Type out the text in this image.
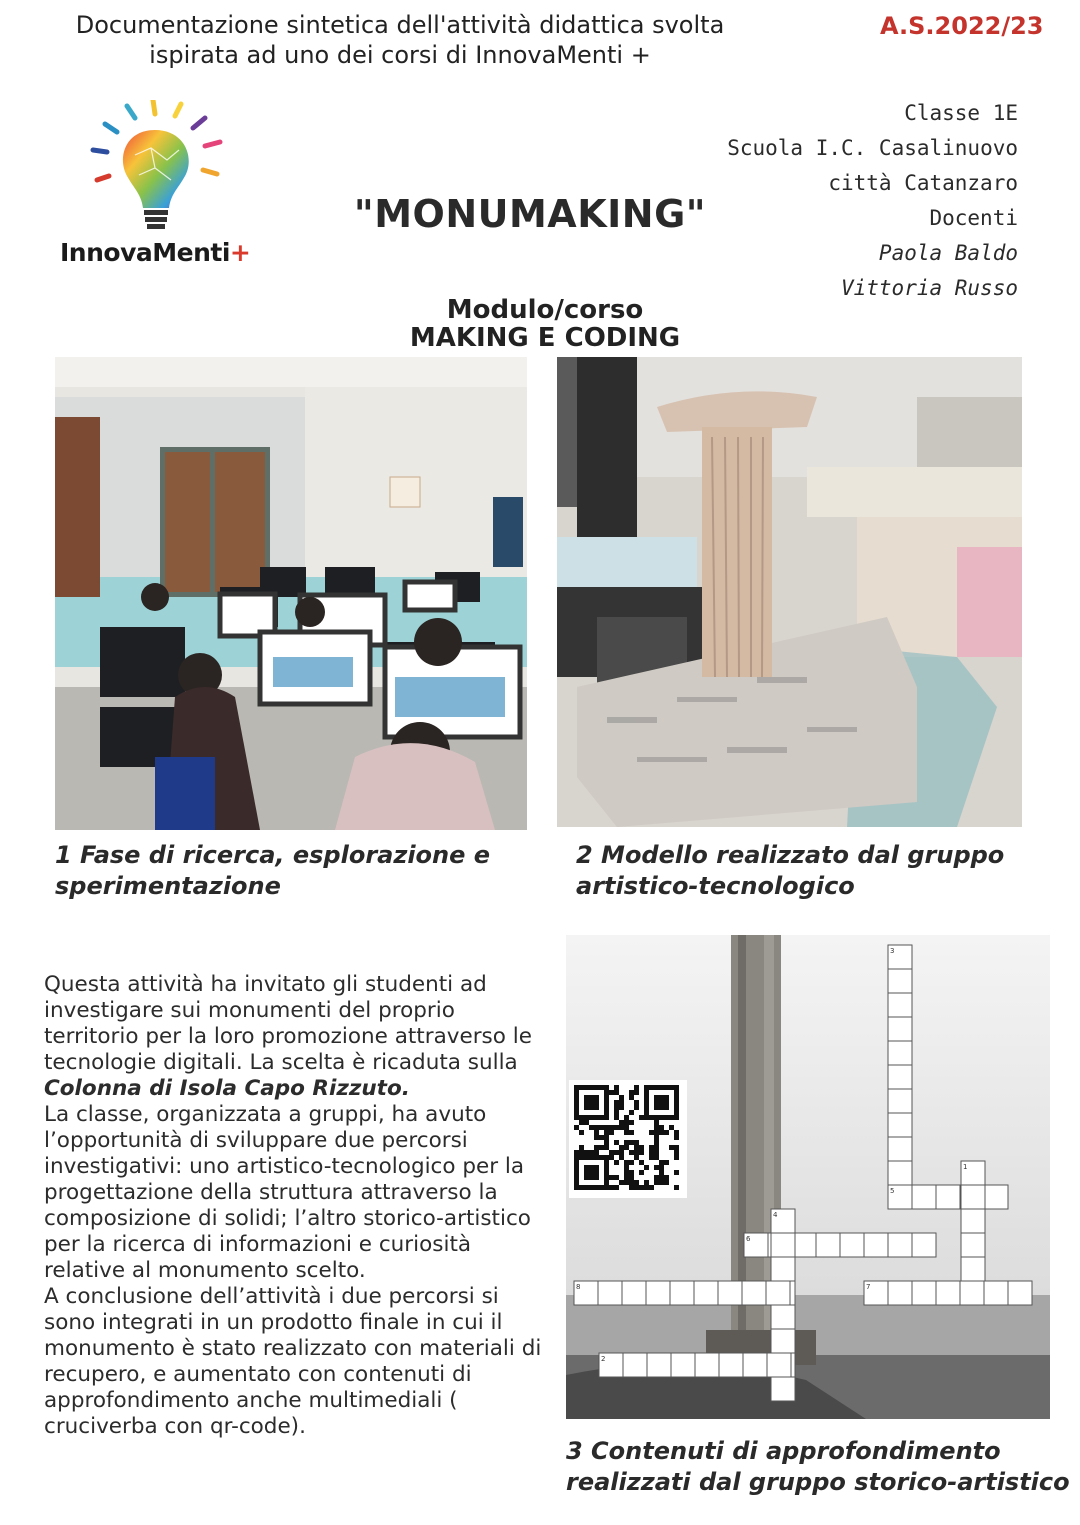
Documentazione sintetica dell'attività didattica svolta
ispirata ad uno dei corsi di InnovaMenti +
A.S.2022/23
InnovaMenti+
"MONUMAKING"
Classe 1E
Scuola I.C. Casalinuovo
città Catanzaro
Docenti
Paola Baldo
Vittoria Russo
Modulo/corso
MAKING E CODING
1 Fase di ricerca, esplorazione e
sperimentazione
2 Modello realizzato dal gruppo
artistico-tecnologico

Questa attività ha invitato gli studenti ad investigare sui monumenti del proprio territorio per la loro promozione attraverso le tecnologie digitali. La scelta è ricaduta sulla Colonna di Isola Capo Rizzuto.

La classe, organizzata a gruppi, ha avuto l’opportunità di sviluppare due percorsi investigativi: uno artistico-tecnologico per la progettazione della struttura attraverso la composizione di solidi; l’altro storico-artistico per la ricerca di informazioni e curiosità relative al monumento scelto.

A conclusione dell’attività i due percorsi si sono integrati in un prodotto finale in cui il monumento è stato realizzato con materiali di recupero, e aumentato con contenuti di approfondimento anche multimediali ( cruciverba con qr-code).

3
1
5
4
6
8	7
2
3 Contenuti di approfondimento
realizzati dal gruppo storico-artistico
